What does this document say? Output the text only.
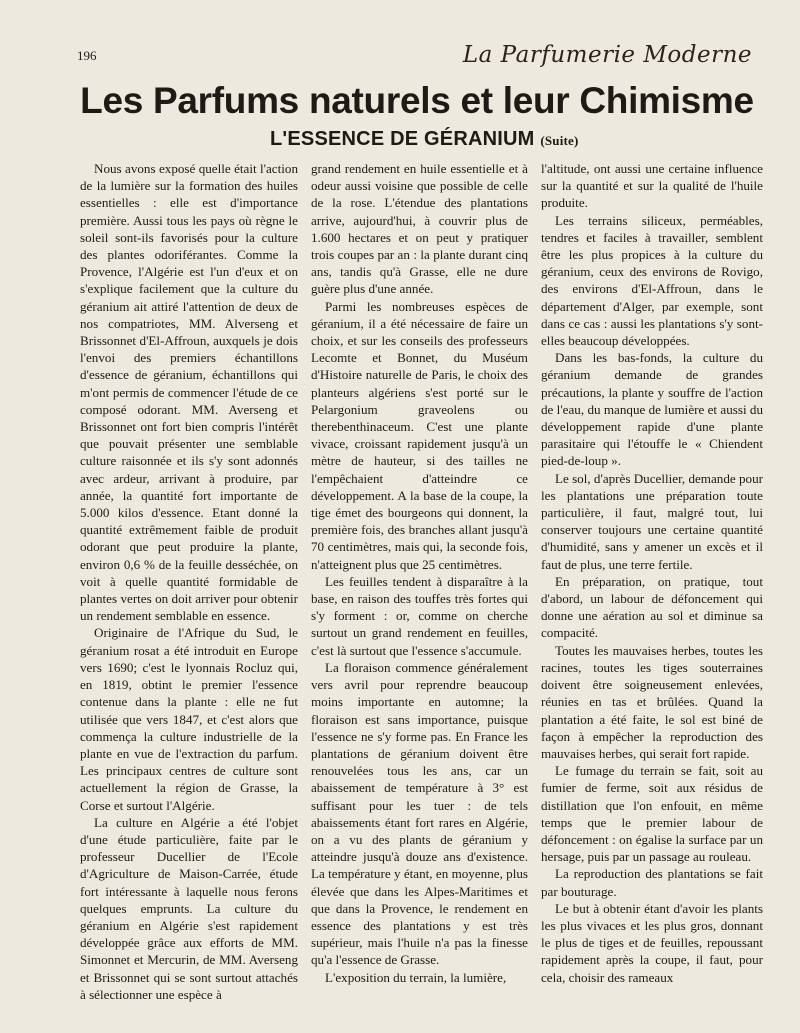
196	La Parfumerie Moderne
Les Parfums naturels et leur Chimisme
L'ESSENCE DE GÉRANIUM (Suite)

Nous avons exposé quelle était l'action de la lumière sur la formation des huiles essentielles : elle est d'importance première. Aussi tous les pays où règne le soleil sont-ils favorisés pour la culture des plantes odoriférantes. Comme la Provence, l'Algérie est l'un d'eux et on s'explique facilement que la culture du géranium ait attiré l'attention de deux de nos compatriotes, MM. Alverseng et Brissonnet d'El-Affroun, auxquels je dois l'envoi des premiers échantillons d'essence de géranium, échantillons qui m'ont permis de commencer l'étude de ce composé odorant. MM. Averseng et Brissonnet ont fort bien compris l'intérêt que pouvait présenter une semblable culture raisonnée et ils s'y sont adonnés avec ardeur, arrivant à produire, par année, la quantité fort importante de 5.000 kilos d'essence. Etant donné la quantité extrêmement faible de produit odorant que peut produire la plante, environ 0,6 % de la feuille desséchée, on voit à quelle quantité formidable de plantes vertes on doit arriver pour obtenir un rendement semblable en essence.

Originaire de l'Afrique du Sud, le géranium rosat a été introduit en Europe vers 1690; c'est le lyonnais Rocluz qui, en 1819, obtint le premier l'essence contenue dans la plante : elle ne fut utilisée que vers 1847, et c'est alors que commença la culture industrielle de la plante en vue de l'extraction du parfum. Les principaux centres de culture sont actuellement la région de Grasse, la Corse et surtout l'Algérie.

La culture en Algérie a été l'objet d'une étude particulière, faite par le professeur Ducellier de l'Ecole d'Agriculture de Maison-Carrée, étude fort intéressante à laquelle nous ferons quelques emprunts. La culture du géranium en Algérie s'est rapidement développée grâce aux efforts de MM. Simonnet et Mercurin, de MM. Averseng et Brissonnet qui se sont surtout attachés à sélectionner une espèce à

grand rendement en huile essentielle et à odeur aussi voisine que possible de celle de la rose. L'étendue des plantations arrive, aujourd'hui, à couvrir plus de 1.600 hectares et on peut y pratiquer trois coupes par an : la plante durant cinq ans, tandis qu'à Grasse, elle ne dure guère plus d'une année.

Parmi les nombreuses espèces de géranium, il a été nécessaire de faire un choix, et sur les conseils des professeurs Lecomte et Bonnet, du Muséum d'Histoire naturelle de Paris, le choix des planteurs algériens s'est porté sur le Pelargonium graveolens ou therebenthinaceum. C'est une plante vivace, croissant rapidement jusqu'à un mètre de hauteur, si des tailles ne l'empêchaient d'atteindre ce développement. A la base de la coupe, la tige émet des bourgeons qui donnent, la première fois, des branches allant jusqu'à 70 centimètres, mais qui, la seconde fois, n'atteignent plus que 25 centimètres.

Les feuilles tendent à disparaître à la base, en raison des touffes très fortes qui s'y forment : or, comme on cherche surtout un grand rendement en feuilles, c'est là surtout que l'essence s'accumule.

La floraison commence généralement vers avril pour reprendre beaucoup moins importante en automne; la floraison est sans importance, puisque l'essence ne s'y forme pas. En France les plantations de géranium doivent être renouvelées tous les ans, car un abaissement de température à 3° est suffisant pour les tuer : de tels abaissements étant fort rares en Algérie, on a vu des plants de géranium y atteindre jusqu'à douze ans d'existence. La température y étant, en moyenne, plus élevée que dans les Alpes-Maritimes et que dans la Provence, le rendement en essence des plantations y est très supérieur, mais l'huile n'a pas la finesse qu'a l'essence de Grasse.

L'exposition du terrain, la lumière,

l'altitude, ont aussi une certaine influence sur la quantité et sur la qualité de l'huile produite.

Les terrains siliceux, perméables, tendres et faciles à travailler, semblent être les plus propices à la culture du géranium, ceux des environs de Rovigo, des environs d'El-Affroun, dans le département d'Alger, par exemple, sont dans ce cas : aussi les plantations s'y sont-elles beaucoup développées.

Dans les bas-fonds, la culture du géranium demande de grandes précautions, la plante y souffre de l'action de l'eau, du manque de lumière et aussi du développement rapide d'une plante parasitaire qui l'étouffe le « Chiendent pied-de-loup ».

Le sol, d'après Ducellier, demande pour les plantations une préparation toute particulière, il faut, malgré tout, lui conserver toujours une certaine quantité d'humidité, sans y amener un excès et il faut de plus, une terre fertile.

En préparation, on pratique, tout d'abord, un labour de défoncement qui donne une aération au sol et diminue sa compacité.

Toutes les mauvaises herbes, toutes les racines, toutes les tiges souterraines doivent être soigneusement enlevées, réunies en tas et brûlées. Quand la plantation a été faite, le sol est biné de façon à empêcher la reproduction des mauvaises herbes, qui serait fort rapide.

Le fumage du terrain se fait, soit au fumier de ferme, soit aux résidus de distillation que l'on enfouit, en même temps que le premier labour de défoncement : on égalise la surface par un hersage, puis par un passage au rouleau.

La reproduction des plantations se fait par bouturage.

Le but à obtenir étant d'avoir les plants les plus vivaces et les plus gros, donnant le plus de tiges et de feuilles, repoussant rapidement après la coupe, il faut, pour cela, choisir des rameaux
